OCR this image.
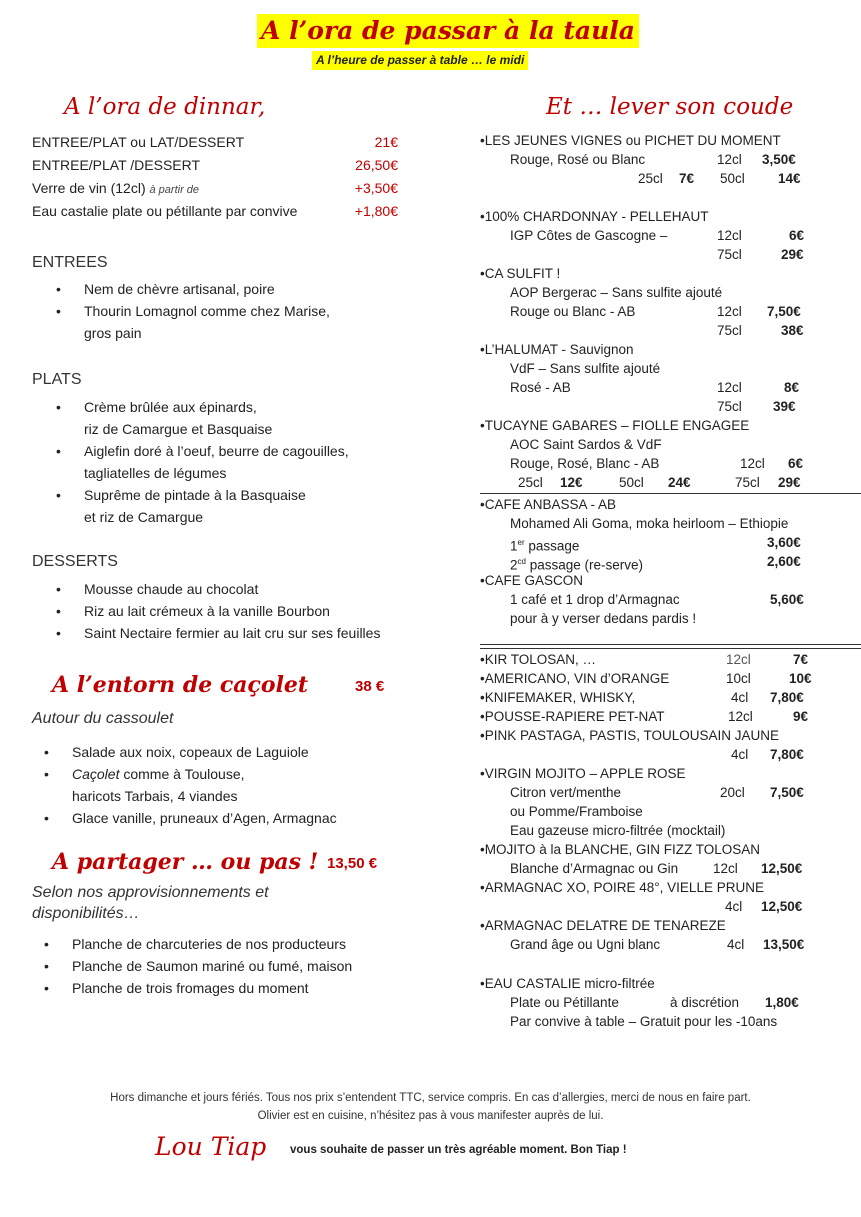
A l’ora de passar à la taula
A l’heure de passer à table … le midi
A l’ora de dinnar,
ENTREE/PLAT ou LAT/DESSERT	21€
ENTREE/PLAT /DESSERT	26,50€
Verre de vin (12cl) à partir de	+3,50€
Eau castalie plate ou pétillante par convive	+1,80€
ENTREES
• Nem de chèvre artisanal, poire
• Thourin Lomagnol comme chez Marise,
gros pain
PLATS
• Crème brûlée aux épinards,
riz de Camargue et Basquaise
• Aiglefin doré à l’oeuf, beurre de cagouilles,
tagliatelles de légumes
• Suprême de pintade à la Basquaise
et riz de Camargue
DESSERTS
• Mousse chaude au chocolat
• Riz au lait crémeux à la vanille Bourbon
• Saint Nectaire fermier au lait cru sur ses feuilles
A l’entorn de caçolet	38 €
Autour du cassoulet
• Salade aux noix, copeaux de Laguiole
• Caçolet comme à Toulouse,
haricots Tarbais, 4 viandes
• Glace vanille, pruneaux d’Agen, Armagnac
A partager … ou pas ! 13,50 €
Selon nos approvisionnements et
disponibilités…
• Planche de charcuteries de nos producteurs
• Planche de Saumon mariné ou fumé, maison
• Planche de trois fromages du moment
Et … lever son coude
•LES JEUNES VIGNES ou PICHET DU MOMENT
Rouge, Rosé ou Blanc	12cl 3,50€
25cl 7€ 50cl 14€
•100% CHARDONNAY - PELLEHAUT
IGP Côtes de Gascogne –	12cl	6€
75cl	29€
•CA SULFIT !
AOP Bergerac – Sans sulfite ajouté
Rouge ou Blanc - AB	12cl 7,50€
75cl	38€
•L’HALUMAT - Sauvignon
VdF – Sans sulfite ajouté
Rosé - AB	12cl	8€
75cl 39€
•TUCAYNE GABARES – FIOLLE ENGAGEE
AOC Saint Sardos & VdF
Rouge, Rosé, Blanc - AB	12cl 6€
25cl 12€	50cl 24€	75cl 29€
•CAFE ANBASSA - AB
Mohamed Ali Goma, moka heirloom – Ethiopie
1er passage	3,60€
$2^{cd}$ passage (re-serve)	2,60€
•CAFE GASCON
1 café et 1 drop d’Armagnac	5,60€
pour à y verser dedans pardis !
•KIR TOLOSAN, …	12cl	7€
•AMERICANO, VIN d’ORANGE	10cl	10€
•KNIFEMAKER, WHISKY,	4cl 7,80€
•POUSSE-RAPIERE PET-NAT	12cl	9€
•PINK PASTAGA, PASTIS, TOULOUSAIN JAUNE
4cl 7,80€
•VIRGIN MOJITO – APPLE ROSE
Citron vert/menthe	20cl 7,50€
ou Pomme/Framboise
Eau gazeuse micro-filtrée (mocktail)
•MOJITO à la BLANCHE, GIN FIZZ TOLOSAN
Blanche d’Armagnac ou Gin	12cl 12,50€
•ARMAGNAC XO, POIRE 48°, VIELLE PRUNE
4cl 12,50€
•ARMAGNAC DELATRE DE TENAREZE
Grand âge ou Ugni blanc	4cl 13,50€
•EAU CASTALIE micro-filtrée
Plate ou Pétillante	à discrétion 1,80€
Par convive à table – Gratuit pour les -10ans
Hors dimanche et jours fériés. Tous nos prix s’entendent TTC, service compris. En cas d’allergies, merci de nous en faire part.
Olivier est en cuisine, n’hésitez pas à vous manifester auprès de lui.
Lou Tiap vous souhaite de passer un très agréable moment. Bon Tiap !
